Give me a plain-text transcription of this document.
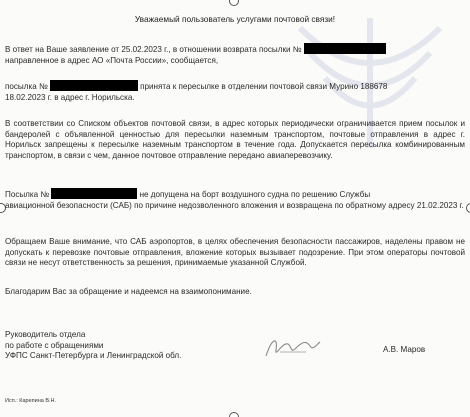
Уважаемый пользователь услугами почтовой связи!
В ответ на Ваше заявление от 25.02.2023 г., в отношении возврата посылки №
направленное в адрес АО «Почта России», сообщается,
посылка №	принята к пересылке в отделении почтовой связи Мурино 188678
18.02.2023 г. в адрес г. Норильска.
В соответствии со Списком объектов почтовой связи, в адрес которых периодически ограничивается прием посылок и бандеролей с объявленной ценностью для пересылки наземным транспортом, почтовые отправления в адрес г. Норильск запрещены к пересылке наземным транспортом в течение года. Допускается пересылка комбинированным транспортом, в связи с чем, данное почтовое отправление передано авиаперевозчику.
Посылка №	не допущена на борт воздушного судна по решению Службы
авиационной безопасности (САБ) по причине недозволенного вложения и возвращена по обратному адресу 21.02.2023 г.
Обращаем Ваше внимание, что САБ аэропортов, в целях обеспечения безопасности пассажиров, наделены правом не допускать к перевозке почтовые отправления, вложение которых вызывает подозрение. При этом операторы почтовой связи не несут ответственность за решения, принимаемые указанной Службой.
Благодарим Вас за обращение и надеемся на взаимопонимание.
Руководитель отдела
по работе с обращениями
УФПС Санкт-Петербурга и Ленинградской обл.
А.В. Маров
Исп.: Карепина В.Н.
